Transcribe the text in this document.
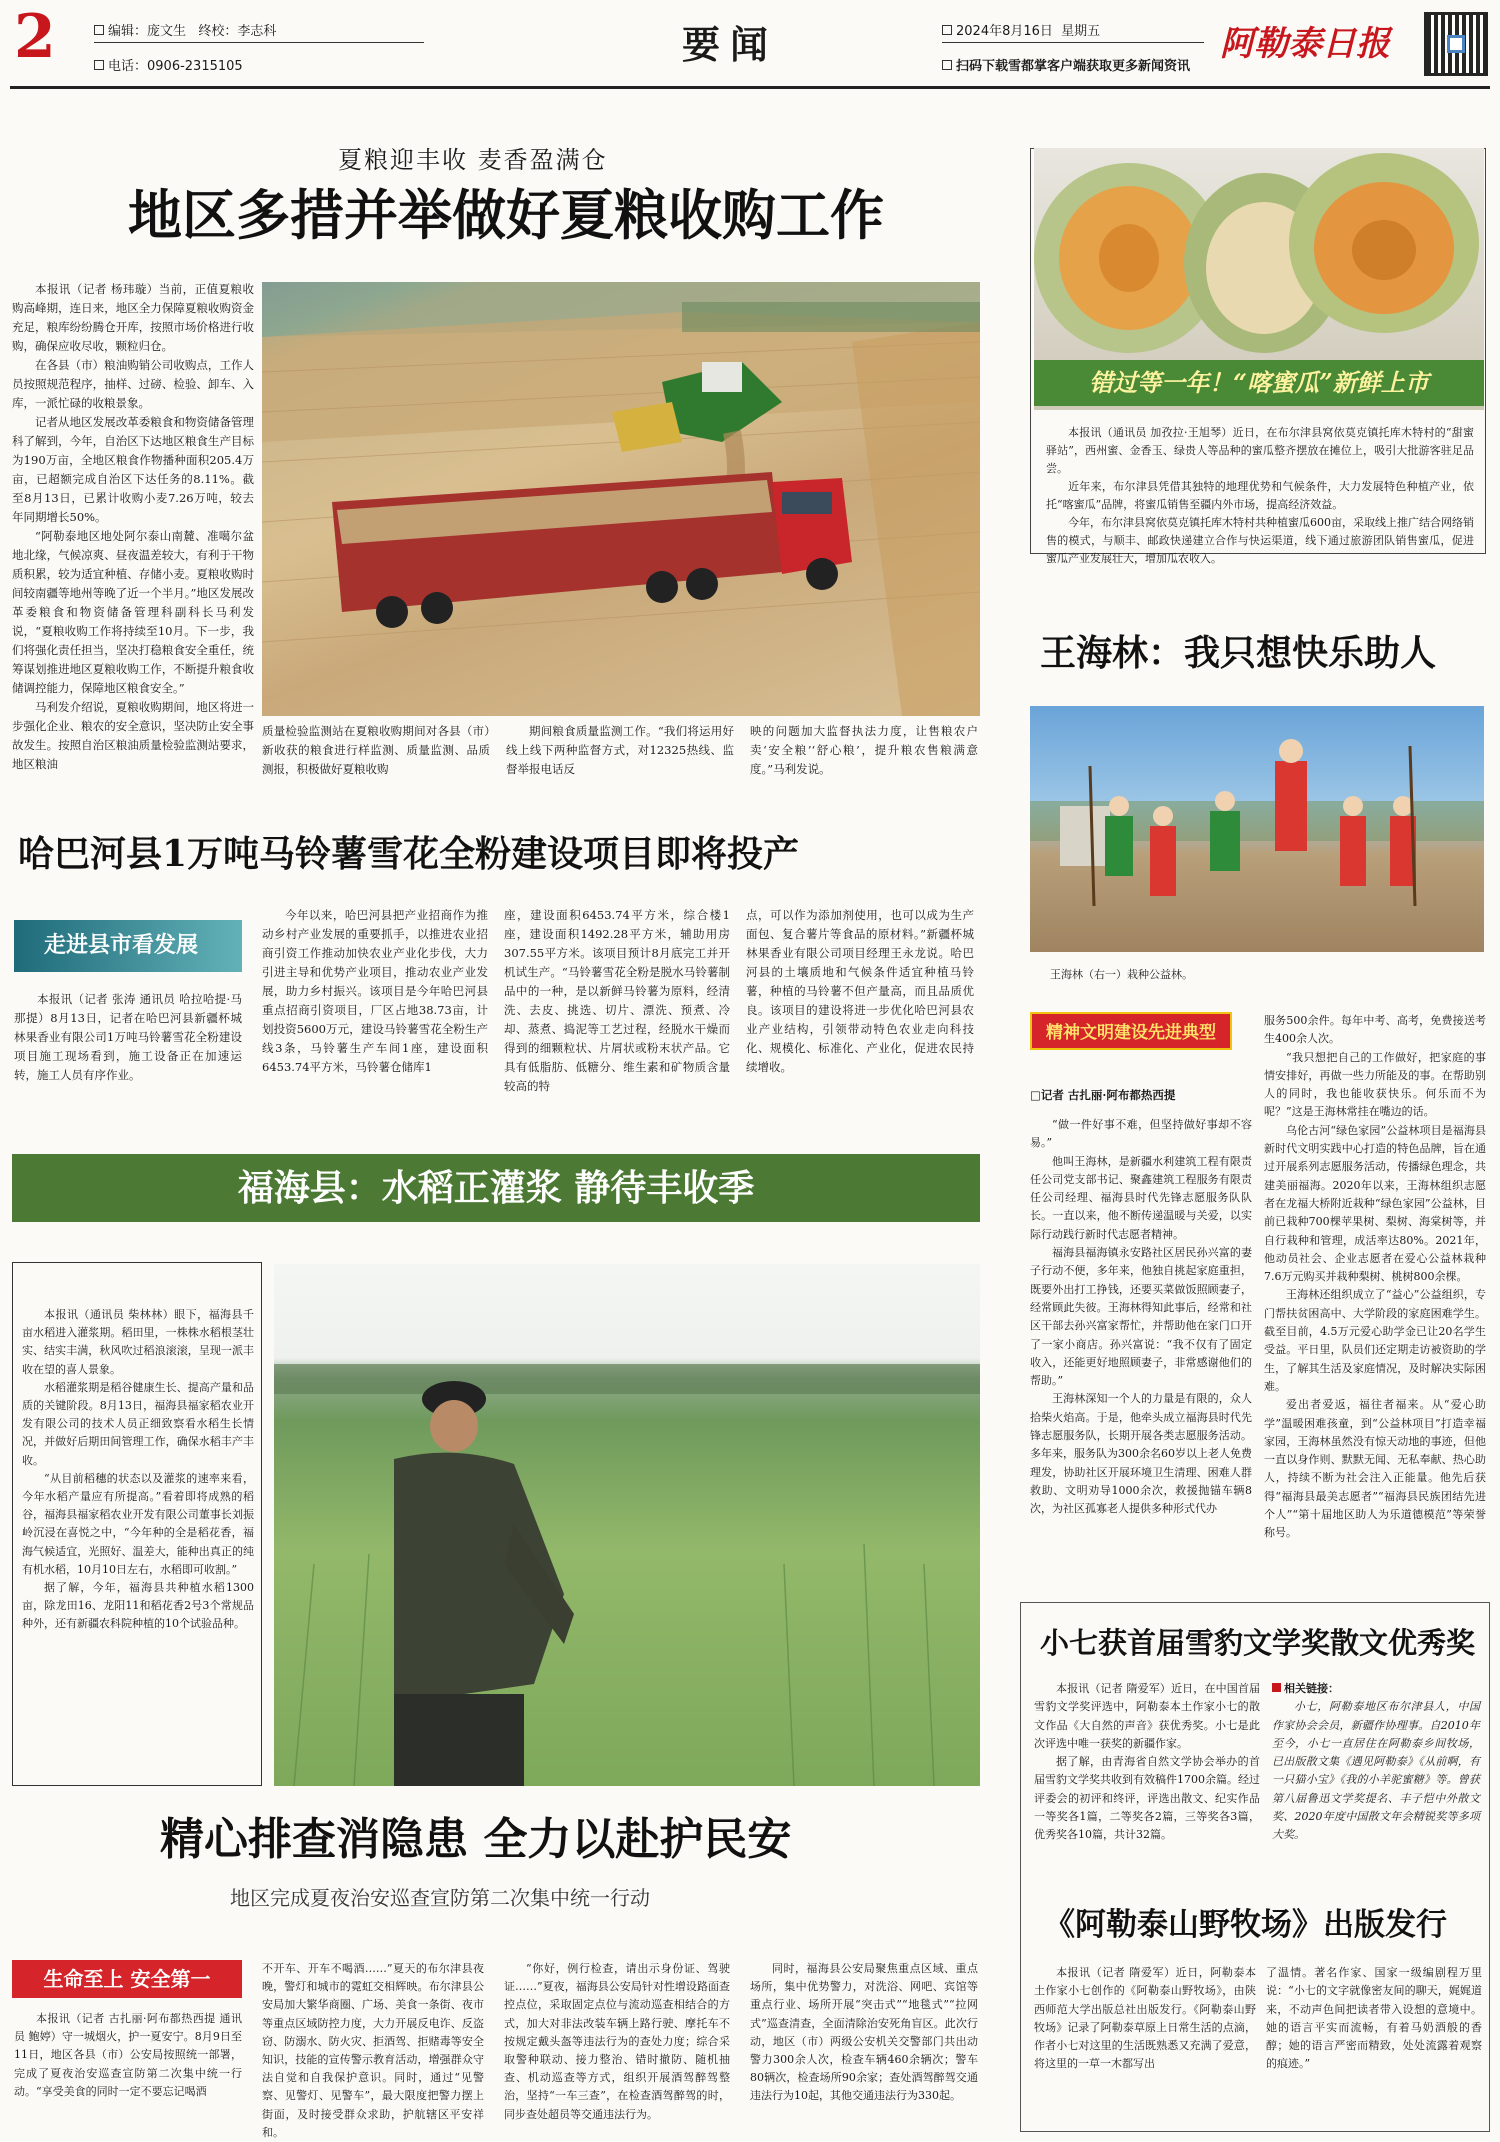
2	编辑：庞文生 终校：李志科
电话：0906-2315105	要闻	2024年8月16日 星期五
扫码下载雪都掌客户端获取更多新闻资讯
阿勒泰日报
夏粮迎丰收 麦香盈满仓
地区多措并举做好夏粮收购工作

本报讯（记者 杨玮璇）当前，正值夏粮收购高峰期，连日来，地区全力保障夏粮收购资金充足，粮库纷纷腾仓开库，按照市场价格进行收购，确保应收尽收，颗粒归仓。

在各县（市）粮油购销公司收购点，工作人员按照规范程序，抽样、过磅、检验、卸车、入库，一派忙碌的收粮景象。

记者从地区发展改革委粮食和物资储备管理科了解到，今年，自治区下达地区粮食生产目标为190万亩，全地区粮食作物播种面积205.4万亩，已超额完成自治区下达任务的8.11%。截至8月13日，已累计收购小麦7.26万吨，较去年同期增长50%。

“阿勒泰地区地处阿尔泰山南麓、准噶尔盆地北缘，气候凉爽、昼夜温差较大，有利于干物质积累，较为适宜种植、存储小麦。夏粮收购时间较南疆等地州等晚了近一个半月。”地区发展改革委粮食和物资储备管理科副科长马利发说，“夏粮收购工作将持续至10月。下一步，我们将强化责任担当，坚决打稳粮食安全重任，统筹谋划推进地区夏粮收购工作，不断提升粮食收储调控能力，保障地区粮食安全。”

马利发介绍说，夏粮收购期间，地区将进一步强化企业、粮农的安全意识，坚决防止安全事故发生。按照自治区粮油质量检验监测站要求，地区粮油

质量检验监测站在夏粮收购期间对各县（市）新收获的粮食进行样监测、质量监测、品质测报，积极做好夏粮收购
期间粮食质量监测工作。“我们将运用好线上线下两种监督方式，对12325热线、监督举报电话反
映的问题加大监督执法力度，让售粮农户卖‘安全粮’‘舒心粮’，提升粮农售粮满意度。”马利发说。
错过等一年！“喀蜜瓜”新鲜上市

本报讯（通讯员 加孜拉·王旭琴）近日，在布尔津县窝依莫克镇托库木特村的“甜蜜驿站”，西州蜜、金香玉、绿贵人等品种的蜜瓜整齐摆放在摊位上，吸引大批游客驻足品尝。

近年来，布尔津县凭借其独特的地理优势和气候条件，大力发展特色种植产业，依托“喀蜜瓜”品牌，将蜜瓜销售至疆内外市场，提高经济效益。

今年，布尔津县窝依莫克镇托库木特村共种植蜜瓜600亩，采取线上推广结合网络销售的模式，与顺丰、邮政快递建立合作与快运渠道，线下通过旅游团队销售蜜瓜，促进蜜瓜产业发展壮大，增加瓜农收入。

王海林：我只想快乐助人
王海林（右一）栽种公益林。
精神文明建设先进典型
□记者 古扎丽·阿布都热西提

“做一件好事不难，但坚持做好事却不容易。”

他叫王海林，是新疆水利建筑工程有限责任公司党支部书记、聚鑫建筑工程服务有限责任公司经理、福海县时代先锋志愿服务队队长。一直以来，他不断传递温暖与关爱，以实际行动践行新时代志愿者精神。

福海县福海镇永安路社区居民孙兴富的妻子行动不便，多年来，他独自挑起家庭重担，既要外出打工挣钱，还要买菜做饭照顾妻子，经常顾此失彼。王海林得知此事后，经常和社区干部去孙兴富家帮忙，并帮助他在家门口开了一家小商店。孙兴富说：“我不仅有了固定收入，还能更好地照顾妻子，非常感谢他们的帮助。”

王海林深知一个人的力量是有限的，众人拾柴火焰高。于是，他牵头成立福海县时代先锋志愿服务队，长期开展各类志愿服务活动。多年来，服务队为300余名60岁以上老人免费理发，协助社区开展环境卫生清理、困难人群救助、文明劝导1000余次，救援抛锚车辆8次，为社区孤寡老人提供多种形式代办

服务500余件。每年中考、高考，免费接送考生400余人次。

“我只想把自己的工作做好，把家庭的事情安排好，再做一些力所能及的事。在帮助别人的同时，我也能收获快乐。何乐而不为呢？”这是王海林常挂在嘴边的话。

乌伦古河“绿色家园”公益林项目是福海县新时代文明实践中心打造的特色品牌，旨在通过开展系列志愿服务活动，传播绿色理念，共建美丽福海。2020年以来，王海林组织志愿者在龙福大桥附近栽种“绿色家园”公益林，目前已栽种700棵苹果树、梨树、海棠树等，并自行栽种和管理，成活率达80%。2021年，他动员社会、企业志愿者在爱心公益林栽种7.6万元购买并栽种梨树、桃树800余棵。

王海林还组织成立了“益心”公益组织，专门帮扶贫困高中、大学阶段的家庭困难学生。截至目前，4.5万元爱心助学金已让20名学生受益。平日里，队员们还定期走访被资助的学生，了解其生活及家庭情况，及时解决实际困难。

爱出者爱返，福往者福来。从“爱心助学”温暖困难孩童，到“公益林项目”打造幸福家园，王海林虽然没有惊天动地的事迹，但他一直以身作则、默默无闻、无私奉献、热心助人，持续不断为社会注入正能量。他先后获得“福海县最美志愿者”“福海县民族团结先进个人”“第十届地区助人为乐道德模范”等荣誉称号。

哈巴河县1万吨马铃薯雪花全粉建设项目即将投产
走进县市看发展
本报讯（记者 张涛 通讯员 哈拉哈提·马那提）8月13日，记者在哈巴河县新疆杯城林果香业有限公司1万吨马铃薯雪花全粉建设项目施工现场看到，施工设备正在加速运转，施工人员有序作业。
今年以来，哈巴河县把产业招商作为推动乡村产业发展的重要抓手，以推进农业招商引资工作推动加快农业产业化步伐，大力引进主导和优势产业项目，推动农业产业发展，助力乡村振兴。该项目是今年哈巴河县重点招商引资项目，厂区占地38.73亩，计划投资5600万元，建设马铃薯雪花全粉生产线3条，马铃薯生产车间1座，建设面积6453.74平方米，马铃薯仓储库1
座，建设面积6453.74平方米，综合楼1座，建设面积1492.28平方米，辅助用房307.55平方米。该项目预计8月底完工并开机试生产。“马铃薯雪花全粉是脱水马铃薯制品中的一种，是以新鲜马铃薯为原料，经清洗、去皮、挑选、切片、漂洗、预煮、冷却、蒸煮、捣泥等工艺过程，经脱水干燥而得到的细颗粒状、片屑状或粉末状产品。它具有低脂肪、低糖分、维生素和矿物质含量较高的特
点，可以作为添加剂使用，也可以成为生产面包、复合薯片等食品的原材料。”新疆杯城林果香业有限公司项目经理王永龙说。哈巴河县的土壤质地和气候条件适宜种植马铃薯，种植的马铃薯不但产量高，而且品质优良。该项目的建设将进一步优化哈巴河县农业产业结构，引领带动特色农业走向科技化、规模化、标准化、产业化，促进农民持续增收。
福海县：水稻正灌浆 静待丰收季

本报讯（通讯员 柴林林）眼下，福海县千亩水稻进入灌浆期。稻田里，一株株水稻根茎壮实、结实丰满，秋风吹过稻浪滚滚，呈现一派丰收在望的喜人景象。

水稻灌浆期是稻谷健康生长、提高产量和品质的关键阶段。8月13日，福海县福家稻农业开发有限公司的技术人员正细致察看水稻生长情况，并做好后期田间管理工作，确保水稻丰产丰收。

“从目前稻穗的状态以及灌浆的速率来看，今年水稻产量应有所提高。”看着即将成熟的稻谷，福海县福家稻农业开发有限公司董事长刘振岭沉浸在喜悦之中，“今年种的全是稻花香，福海气候适宜，光照好、温差大，能种出真正的纯有机水稻，10月10日左右，水稻即可收割。”

据了解，今年，福海县共种植水稻1300亩，除龙田16、龙阳11和稻花香2号3个常规品种外，还有新疆农科院种植的10个试验品种。

小七获首届雪豹文学奖散文优秀奖

本报讯（记者 隋爱军）近日，在中国首届雪豹文学奖评选中，阿勒泰本土作家小七的散文作品《大自然的声音》获优秀奖。小七是此次评选中唯一获奖的新疆作家。

据了解，由青海省自然文学协会举办的首届雪豹文学奖共收到有效稿件1700余篇。经过评委会的初评和终评，评选出散文、纪实作品一等奖各1篇，二等奖各2篇，三等奖各3篇，优秀奖各10篇，共计32篇。

相关链接：
小七，阿勒泰地区布尔津县人，中国作家协会会员，新疆作协理事。自2010年至今，小七一直居住在阿勒泰乡间牧场，已出版散文集《遇见阿勒泰》《从前啊，有一只猫小宝》《我的小羊驼蜜糖》等。曾获第八届鲁迅文学奖提名、丰子恺中外散文奖、2020年度中国散文年会精锐奖等多项大奖。
《阿勒泰山野牧场》出版发行
本报讯（记者 隋爱军）近日，阿勒泰本土作家小七创作的《阿勒泰山野牧场》，由陕西师范大学出版总社出版发行。《阿勒泰山野牧场》记录了阿勒泰草原上日常生活的点滴，作者小七对这里的生活既熟悉又充满了爱意，将这里的一草一木都写出
了温情。著名作家、国家一级编剧程万里说：“小七的文字就像密友间的聊天，娓娓道来，不动声色间把读者带入设想的意境中。她的语言平实而流畅，有着马奶酒般的香醇；她的语言严密而精致，处处流露着观察的痕迹。”
精心排查消隐患 全力以赴护民安
地区完成夏夜治安巡查宣防第二次集中统一行动
生命至上 安全第一
本报讯（记者 古扎丽·阿布都热西提 通讯员 鲍婷）守一城烟火，护一夏安宁。8月9日至11日，地区各县（市）公安局按照统一部署，完成了夏夜治安巡查宣防第二次集中统一行动。“享受美食的同时一定不要忘记喝酒
不开车、开车不喝酒……”夏天的布尔津县夜晚，警灯和城市的霓虹交相辉映。布尔津县公安局加大繁华商圈、广场、美食一条街、夜市等重点区域防控力度，大力开展反电诈、反盗窃、防溺水、防火灾、拒酒驾、拒赌毒等安全知识，技能的宣传警示教育活动，增强群众守法自觉和自我保护意识。同时，通过“见警察、见警灯、见警车”，最大限度把警力摆上街面，及时接受群众求助，护航辖区平安祥和。
“你好，例行检查，请出示身份证、驾驶证……”夏夜，福海县公安局针对性增设路面查控点位，采取固定点位与流动巡查相结合的方式，加大对非法改装车辆上路行驶、摩托车不按规定戴头盔等违法行为的查处力度；综合采取警种联动、接力整治、错时撤防、随机抽查、机动巡查等方式，组织开展酒驾醉驾整治，坚持“一车三查”，在检查酒驾醉驾的时，同步查处超员等交通违法行为。
同时，福海县公安局聚焦重点区域、重点场所，集中优势警力，对洗浴、网吧、宾馆等重点行业、场所开展“突击式”“地毯式”“拉网式”巡查清查，全面清除治安死角盲区。此次行动，地区（市）两级公安机关交警部门共出动警力300余人次，检查车辆460余辆次；警车80辆次，检查场所90余家；查处酒驾醉驾交通违法行为10起，其他交通违法行为330起。
